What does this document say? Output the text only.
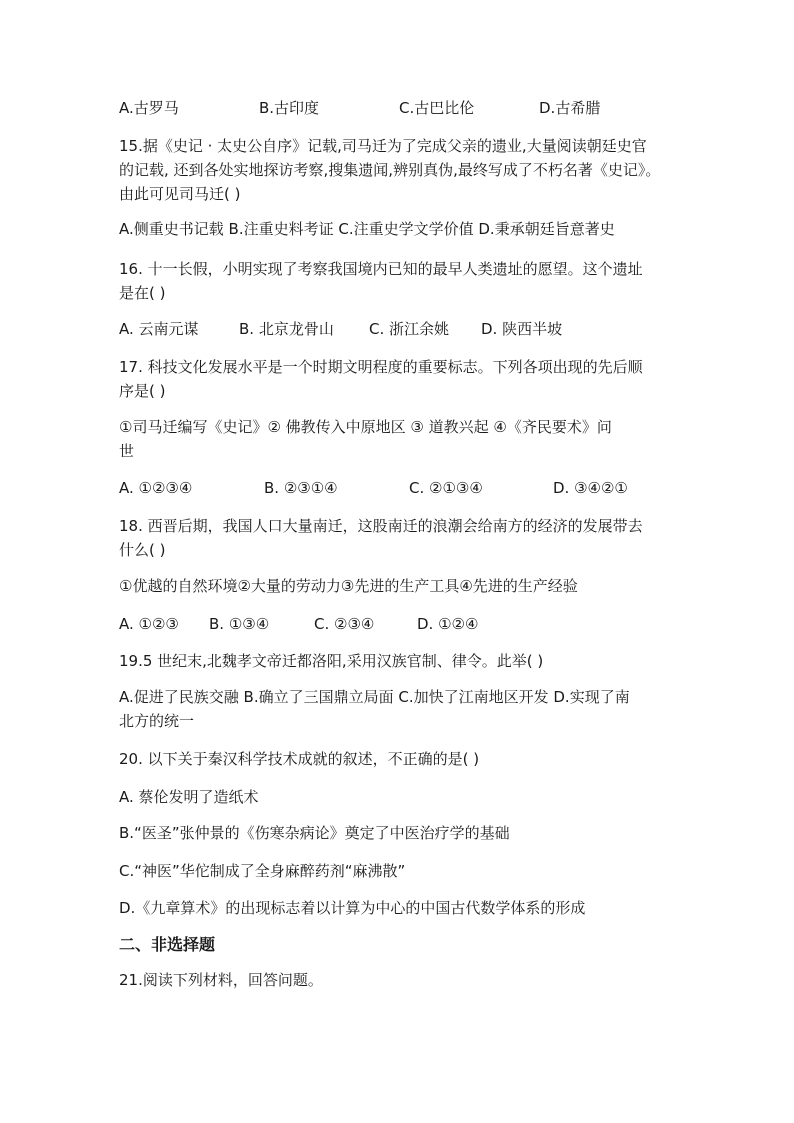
A.古罗马	B.古印度	C.古巴比伦	D.古希腊
15.据《史记 · 太史公自序》记载,司马迁为了完成父亲的遗业,大量阅读朝廷史官
的记载, 还到各处实地探访考察,搜集遗闻,辨别真伪,最终写成了不朽名著《史记》。
由此可见司马迁( )
A.侧重史书记载 B.注重史料考证 C.注重史学文学价值 D.秉承朝廷旨意著史
16. 十一长假，小明实现了考察我国境内已知的最早人类遗址的愿望。这个遗址
是在( )
A. 云南元谋	B. 北京龙骨山 C. 浙江余姚 D. 陕西半坡
17. 科技文化发展水平是一个时期文明程度的重要标志。下列各项出现的先后顺
序是( )
①司马迁编写《史记》② 佛教传入中原地区 ③ 道教兴起 ④《齐民要术》问
世
A. ①②③④	B. ②③①④	C. ②①③④	D. ③④②①
18. 西晋后期，我国人口大量南迁，这股南迁的浪潮会给南方的经济的发展带去
什么( )
①优越的自然环境②大量的劳动力③先进的生产工具④先进的生产经验
A. ①②③ B. ①③④	C. ②③④	D. ①②④
19.5 世纪末,北魏孝文帝迁都洛阳,采用汉族官制、律令。此举( )
A.促进了民族交融 B.确立了三国鼎立局面 C.加快了江南地区开发 D.实现了南
北方的统一
20. 以下关于秦汉科学技术成就的叙述，不正确的是( )
A. 蔡伦发明了造纸术
B.“医圣”张仲景的《伤寒杂病论》奠定了中医治疗学的基础
C.“神医”华佗制成了全身麻醉药剂“麻沸散”
D.《九章算术》的出现标志着以计算为中心的中国古代数学体系的形成
二、非选择题
21.阅读下列材料，回答问题。
